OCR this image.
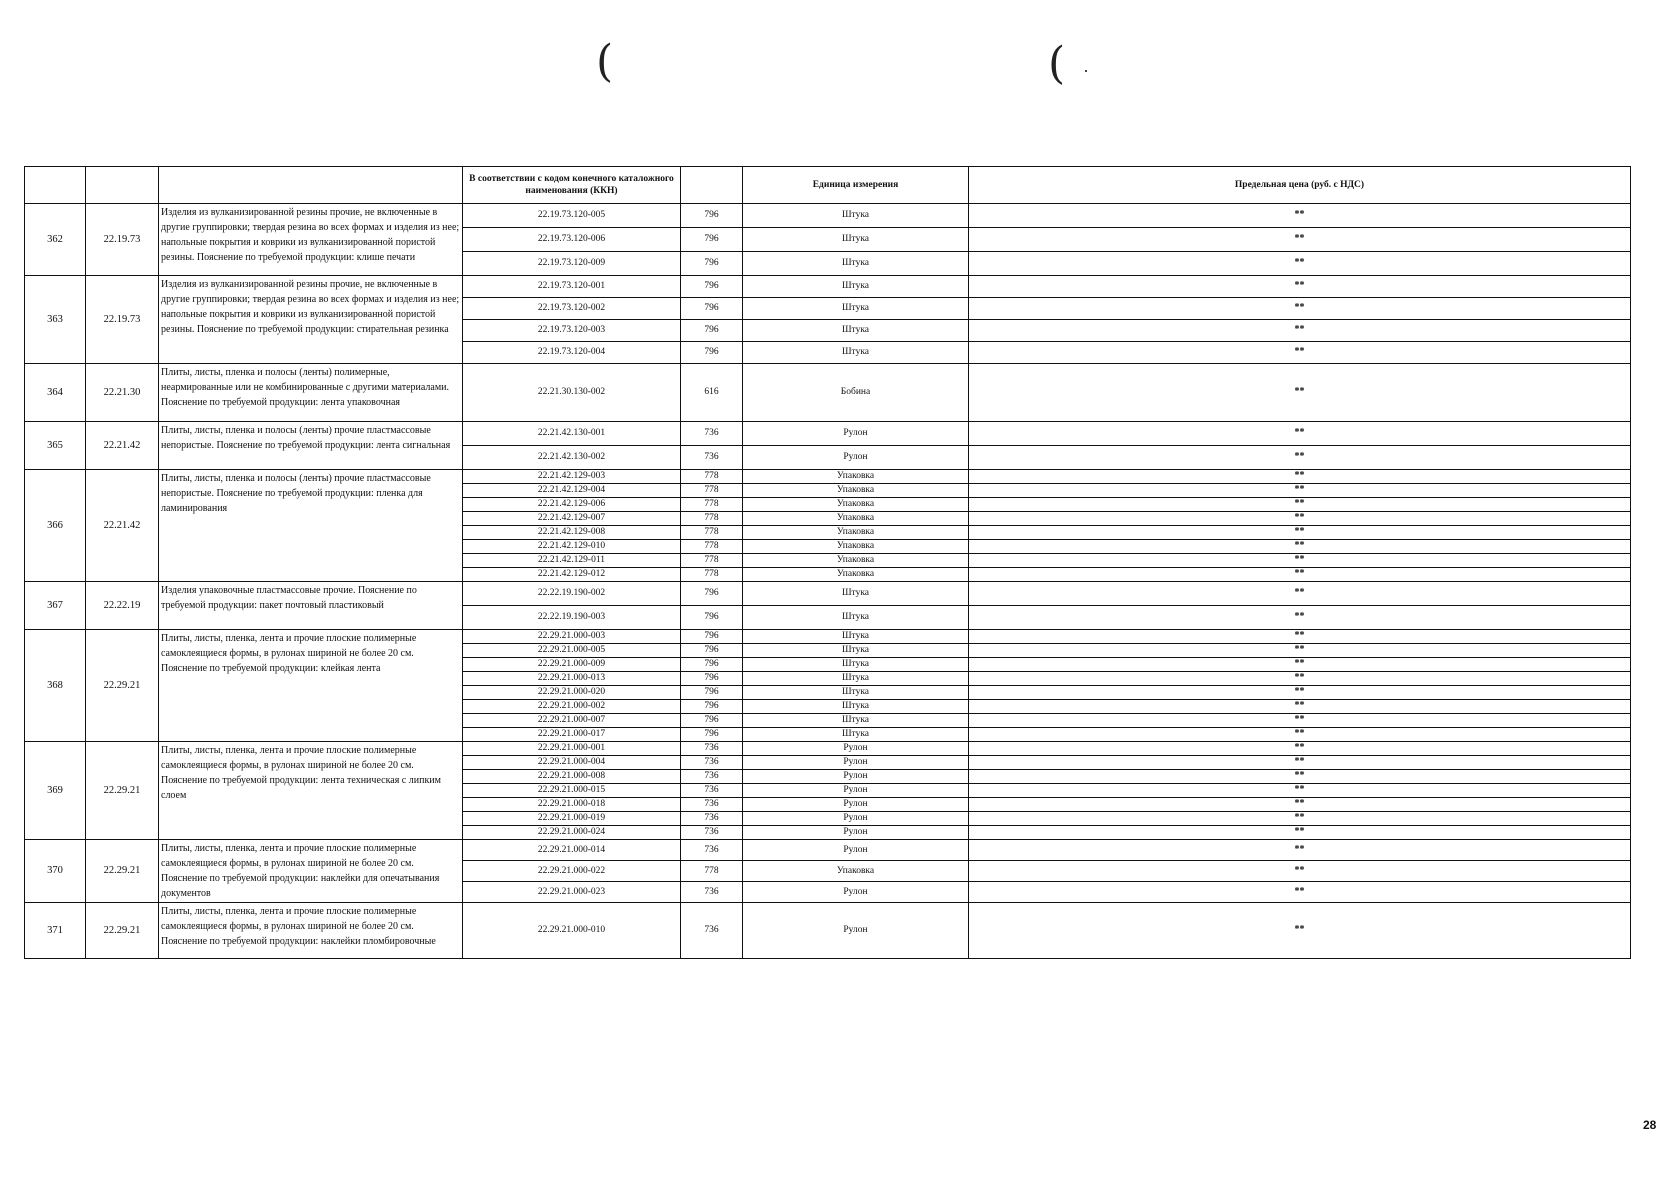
(	(
			В соответствии с кодом конечного каталожного наименования (ККН)		Единица измерения	Предельная цена (руб. с НДС)
362	22.19.73	Изделия из вулканизированной резины прочие, не включенные в другие группировки; твердая резина во всех формах и изделия из нее; напольные покрытия и коврики из вулканизированной пористой резины. Пояснение по требуемой продукции: клише печати	22.19.73.120-005	796	Штука	**
			22.19.73.120-006	796	Штука	**
			22.19.73.120-009	796	Штука	**
363	22.19.73	Изделия из вулканизированной резины прочие, не включенные в другие группировки; твердая резина во всех формах и изделия из нее; напольные покрытия и коврики из вулканизированной пористой резины. Пояснение по требуемой продукции: стирательная резинка	22.19.73.120-001	796	Штука	**
			22.19.73.120-002	796	Штука	**
			22.19.73.120-003	796	Штука	**
			22.19.73.120-004	796	Штука	**
364	22.21.30	Плиты, листы, пленка и полосы (ленты) полимерные, неармированные или не комбинированные с другими материалами. Пояснение по требуемой продукции: лента упаковочная	22.21.30.130-002	616	Бобина	**
365	22.21.42	Плиты, листы, пленка и полосы (ленты) прочие пластмассовые непористые. Пояснение по требуемой продукции: лента сигнальная	22.21.42.130-001	736	Рулон	**
			22.21.42.130-002	736	Рулон	**
366	22.21.42	Плиты, листы, пленка и полосы (ленты) прочие пластмассовые непористые. Пояснение по требуемой продукции: пленка для ламинирования	22.21.42.129-003	778	Упаковка	**
			22.21.42.129-004	778	Упаковка	**
			22.21.42.129-006	778	Упаковка	**
			22.21.42.129-007	778	Упаковка	**
			22.21.42.129-008	778	Упаковка	**
			22.21.42.129-010	778	Упаковка	**
			22.21.42.129-011	778	Упаковка	**
			22.21.42.129-012	778	Упаковка	**
367	22.22.19	Изделия упаковочные пластмассовые прочие. Пояснение по требуемой продукции: пакет почтовый пластиковый	22.22.19.190-002	796	Штука	**
			22.22.19.190-003	796	Штука	**
368	22.29.21	Плиты, листы, пленка, лента и прочие плоские полимерные самоклеящиеся формы, в рулонах шириной не более 20 см. Пояснение по требуемой продукции: клейкая лента	22.29.21.000-003	796	Штука	**
			22.29.21.000-005	796	Штука	**
			22.29.21.000-009	796	Штука	**
			22.29.21.000-013	796	Штука	**
			22.29.21.000-020	796	Штука	**
			22.29.21.000-002	796	Штука	**
			22.29.21.000-007	796	Штука	**
			22.29.21.000-017	796	Штука	**
369	22.29.21	Плиты, листы, пленка, лента и прочие плоские полимерные самоклеящиеся формы, в рулонах шириной не более 20 см. Пояснение по требуемой продукции: лента техническая с липким слоем	22.29.21.000-001	736	Рулон	**
			22.29.21.000-004	736	Рулон	**
			22.29.21.000-008	736	Рулон	**
			22.29.21.000-015	736	Рулон	**
			22.29.21.000-018	736	Рулон	**
			22.29.21.000-019	736	Рулон	**
			22.29.21.000-024	736	Рулон	**
370	22.29.21	Плиты, листы, пленка, лента и прочие плоские полимерные самоклеящиеся формы, в рулонах шириной не более 20 см. Пояснение по требуемой продукции: наклейки для опечатывания документов	22.29.21.000-014	736	Рулон	**
			22.29.21.000-022	778	Упаковка	**
			22.29.21.000-023	736	Рулон	**
371	22.29.21	Плиты, листы, пленка, лента и прочие плоские полимерные самоклеящиеся формы, в рулонах шириной не более 20 см. Пояснение по требуемой продукции: наклейки пломбировочные	22.29.21.000-010	736	Рулон	**
28
